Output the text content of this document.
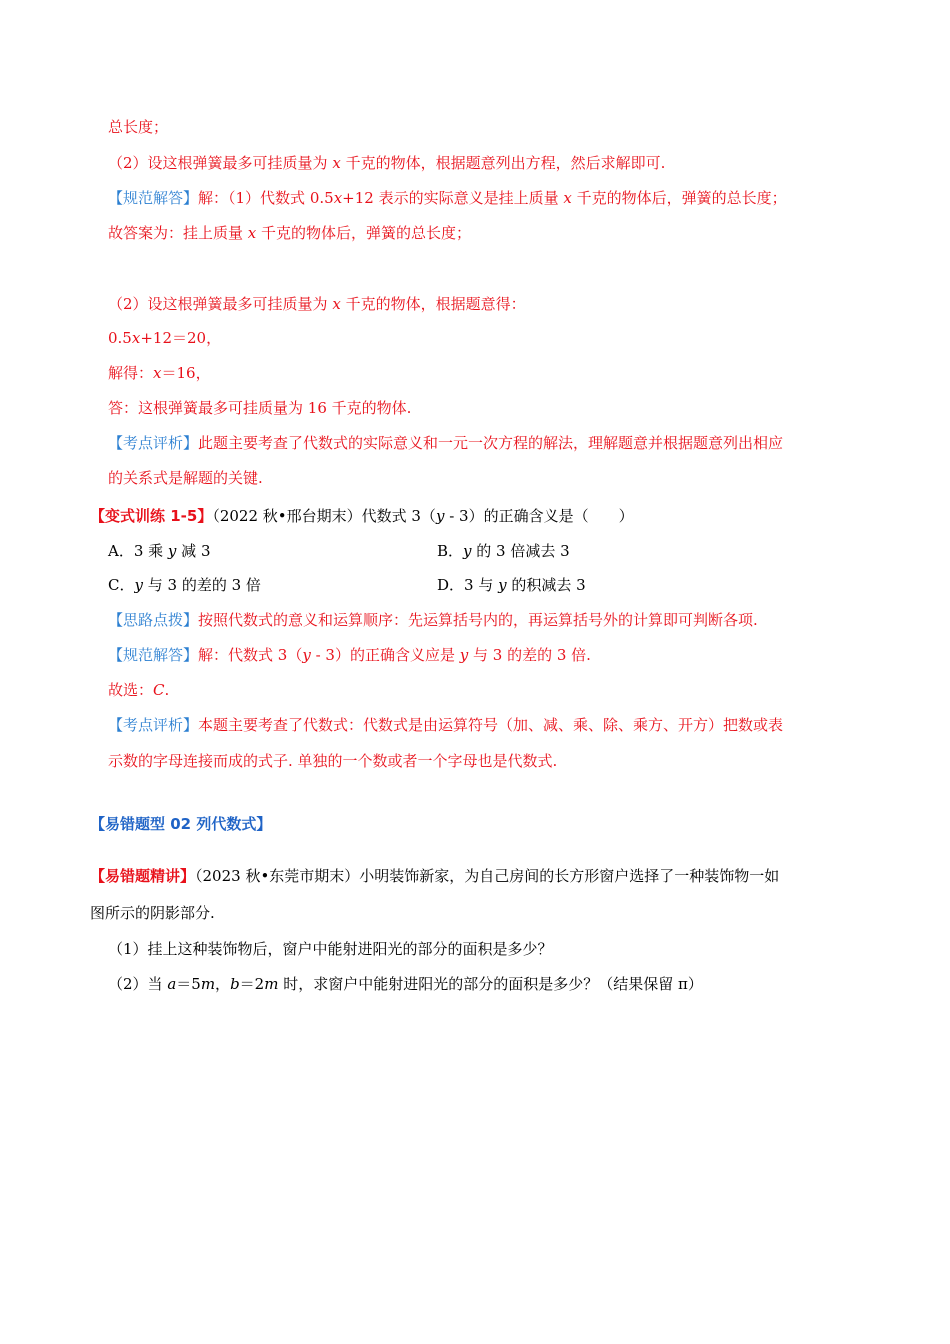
总长度；
（2）设这根弹簧最多可挂质量为 x 千克的物体，根据题意列出方程，然后求解即可.
【规范解答】解：（1）代数式 0.5x+12 表示的实际意义是挂上质量 x 千克的物体后，弹簧的总长度；
故答案为：挂上质量 x 千克的物体后，弹簧的总长度；
（2）设这根弹簧最多可挂质量为 x 千克的物体，根据题意得：
0.5x+12＝20，
解得：x＝16，
答：这根弹簧最多可挂质量为 16 千克的物体.
【考点评析】此题主要考查了代数式的实际意义和一元一次方程的解法，理解题意并根据题意列出相应
的关系式是解题的关键.
【变式训练 1-5】（2022 秋•邢台期末）代数式 3（y - 3）的正确含义是（　　）
A．3 乘 y 减 3	B．y 的 3 倍减去 3
C．y 与 3 的差的 3 倍	D．3 与 y 的积减去 3
【思路点拨】按照代数式的意义和运算顺序：先运算括号内的，再运算括号外的计算即可判断各项.
【规范解答】解：代数式 3（y - 3）的正确含义应是 y 与 3 的差的 3 倍.
故选：C.
【考点评析】本题主要考查了代数式：代数式是由运算符号（加、减、乘、除、乘方、开方）把数或表
示数的字母连接而成的式子. 单独的一个数或者一个字母也是代数式.
【易错题型 02 列代数式】
【易错题精讲】（2023 秋•东莞市期末）小明装饰新家，为自己房间的长方形窗户选择了一种装饰物一如
图所示的阴影部分.
（1）挂上这种装饰物后，窗户中能射进阳光的部分的面积是多少？
（2）当 a＝5m，b＝2m 时，求窗户中能射进阳光的部分的面积是多少？（结果保留 π）
